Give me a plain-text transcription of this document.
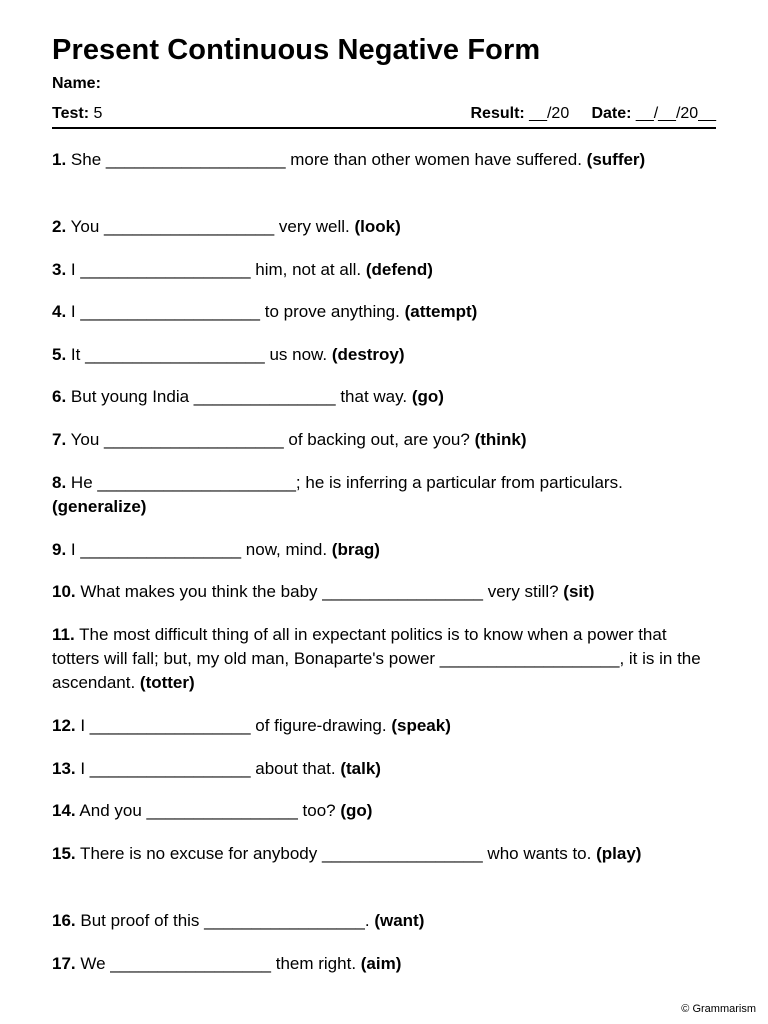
Present Continuous Negative Form
Name:
Test: 5	Result: __/20 Date: __/__/20__
1. She ___________________ more than other women have suffered. (suffer)
2. You __________________ very well. (look)
3. I __________________ him, not at all. (defend)
4. I ___________________ to prove anything. (attempt)
5. It ___________________ us now. (destroy)
6. But young India _______________ that way. (go)
7. You ___________________ of backing out, are you? (think)
8. He _____________________; he is inferring a particular from particulars. (generalize)
9. I _________________ now, mind. (brag)
10. What makes you think the baby _________________ very still? (sit)
11. The most difficult thing of all in expectant politics is to know when a power that totters will fall; but, my old man, Bonaparte's power ___________________, it is in the ascendant. (totter)
12. I _________________ of figure-drawing. (speak)
13. I _________________ about that. (talk)
14. And you ________________ too? (go)
15. There is no excuse for anybody _________________ who wants to. (play)
16. But proof of this _________________. (want)
17. We _________________ them right. (aim)
© Grammarism
